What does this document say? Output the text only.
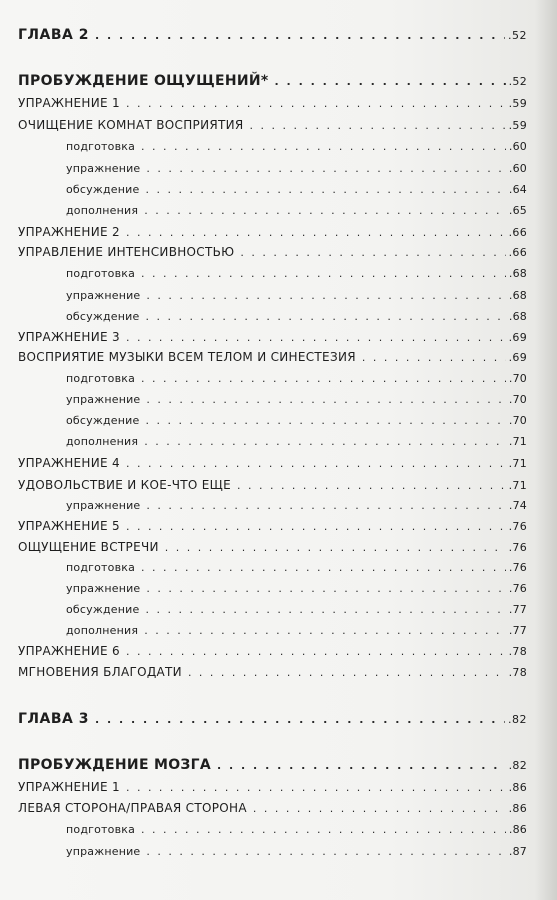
ГЛАВА 2 . . .	.52
ПРОБУЖДЕНИЕ ОЩУЩЕНИЙ* . . .	.52
УПРАЖНЕНИЕ 1 . . .	.59
ОЧИЩЕНИЕ КОМНАТ ВОСПРИЯТИЯ . . .	.59
подготовка . . .	.60
упражнение . . .	.60
обсуждение . . .	.64
дополнения . . .	.65
УПРАЖНЕНИЕ 2 . . .	.66
УПРАВЛЕНИЕ ИНТЕНСИВНОСТЬЮ . . .	.66
подготовка . . .	.68
упражнение . . .	.68
обсуждение . . .	.68
УПРАЖНЕНИЕ 3 . . .	.69
ВОСПРИЯТИЕ МУЗЫКИ ВСЕМ ТЕЛОМ И СИНЕСТЕЗИЯ . . .	.69
подготовка . . .	.70
упражнение . . .	.70
обсуждение . . .	.70
дополнения . . .	.71
УПРАЖНЕНИЕ 4 . . .	.71
УДОВОЛЬСТВИЕ И КОЕ-ЧТО ЕЩЕ . . .	.71
упражнение . . .	.74
УПРАЖНЕНИЕ 5 . . .	.76
ОЩУЩЕНИЕ ВСТРЕЧИ . . .	.76
подготовка . . .	.76
упражнение . . .	.76
обсуждение . . .	.77
дополнения . . .	.77
УПРАЖНЕНИЕ 6 . . .	.78
МГНОВЕНИЯ БЛАГОДАТИ . . .	.78
ГЛАВА 3 . . .	.82
ПРОБУЖДЕНИЕ МОЗГА . . .	.82
УПРАЖНЕНИЕ 1 . . .	.86
ЛЕВАЯ СТОРОНА/ПРАВАЯ СТОРОНА . . .	.86
подготовка . . .	.86
упражнение . . .	.87
